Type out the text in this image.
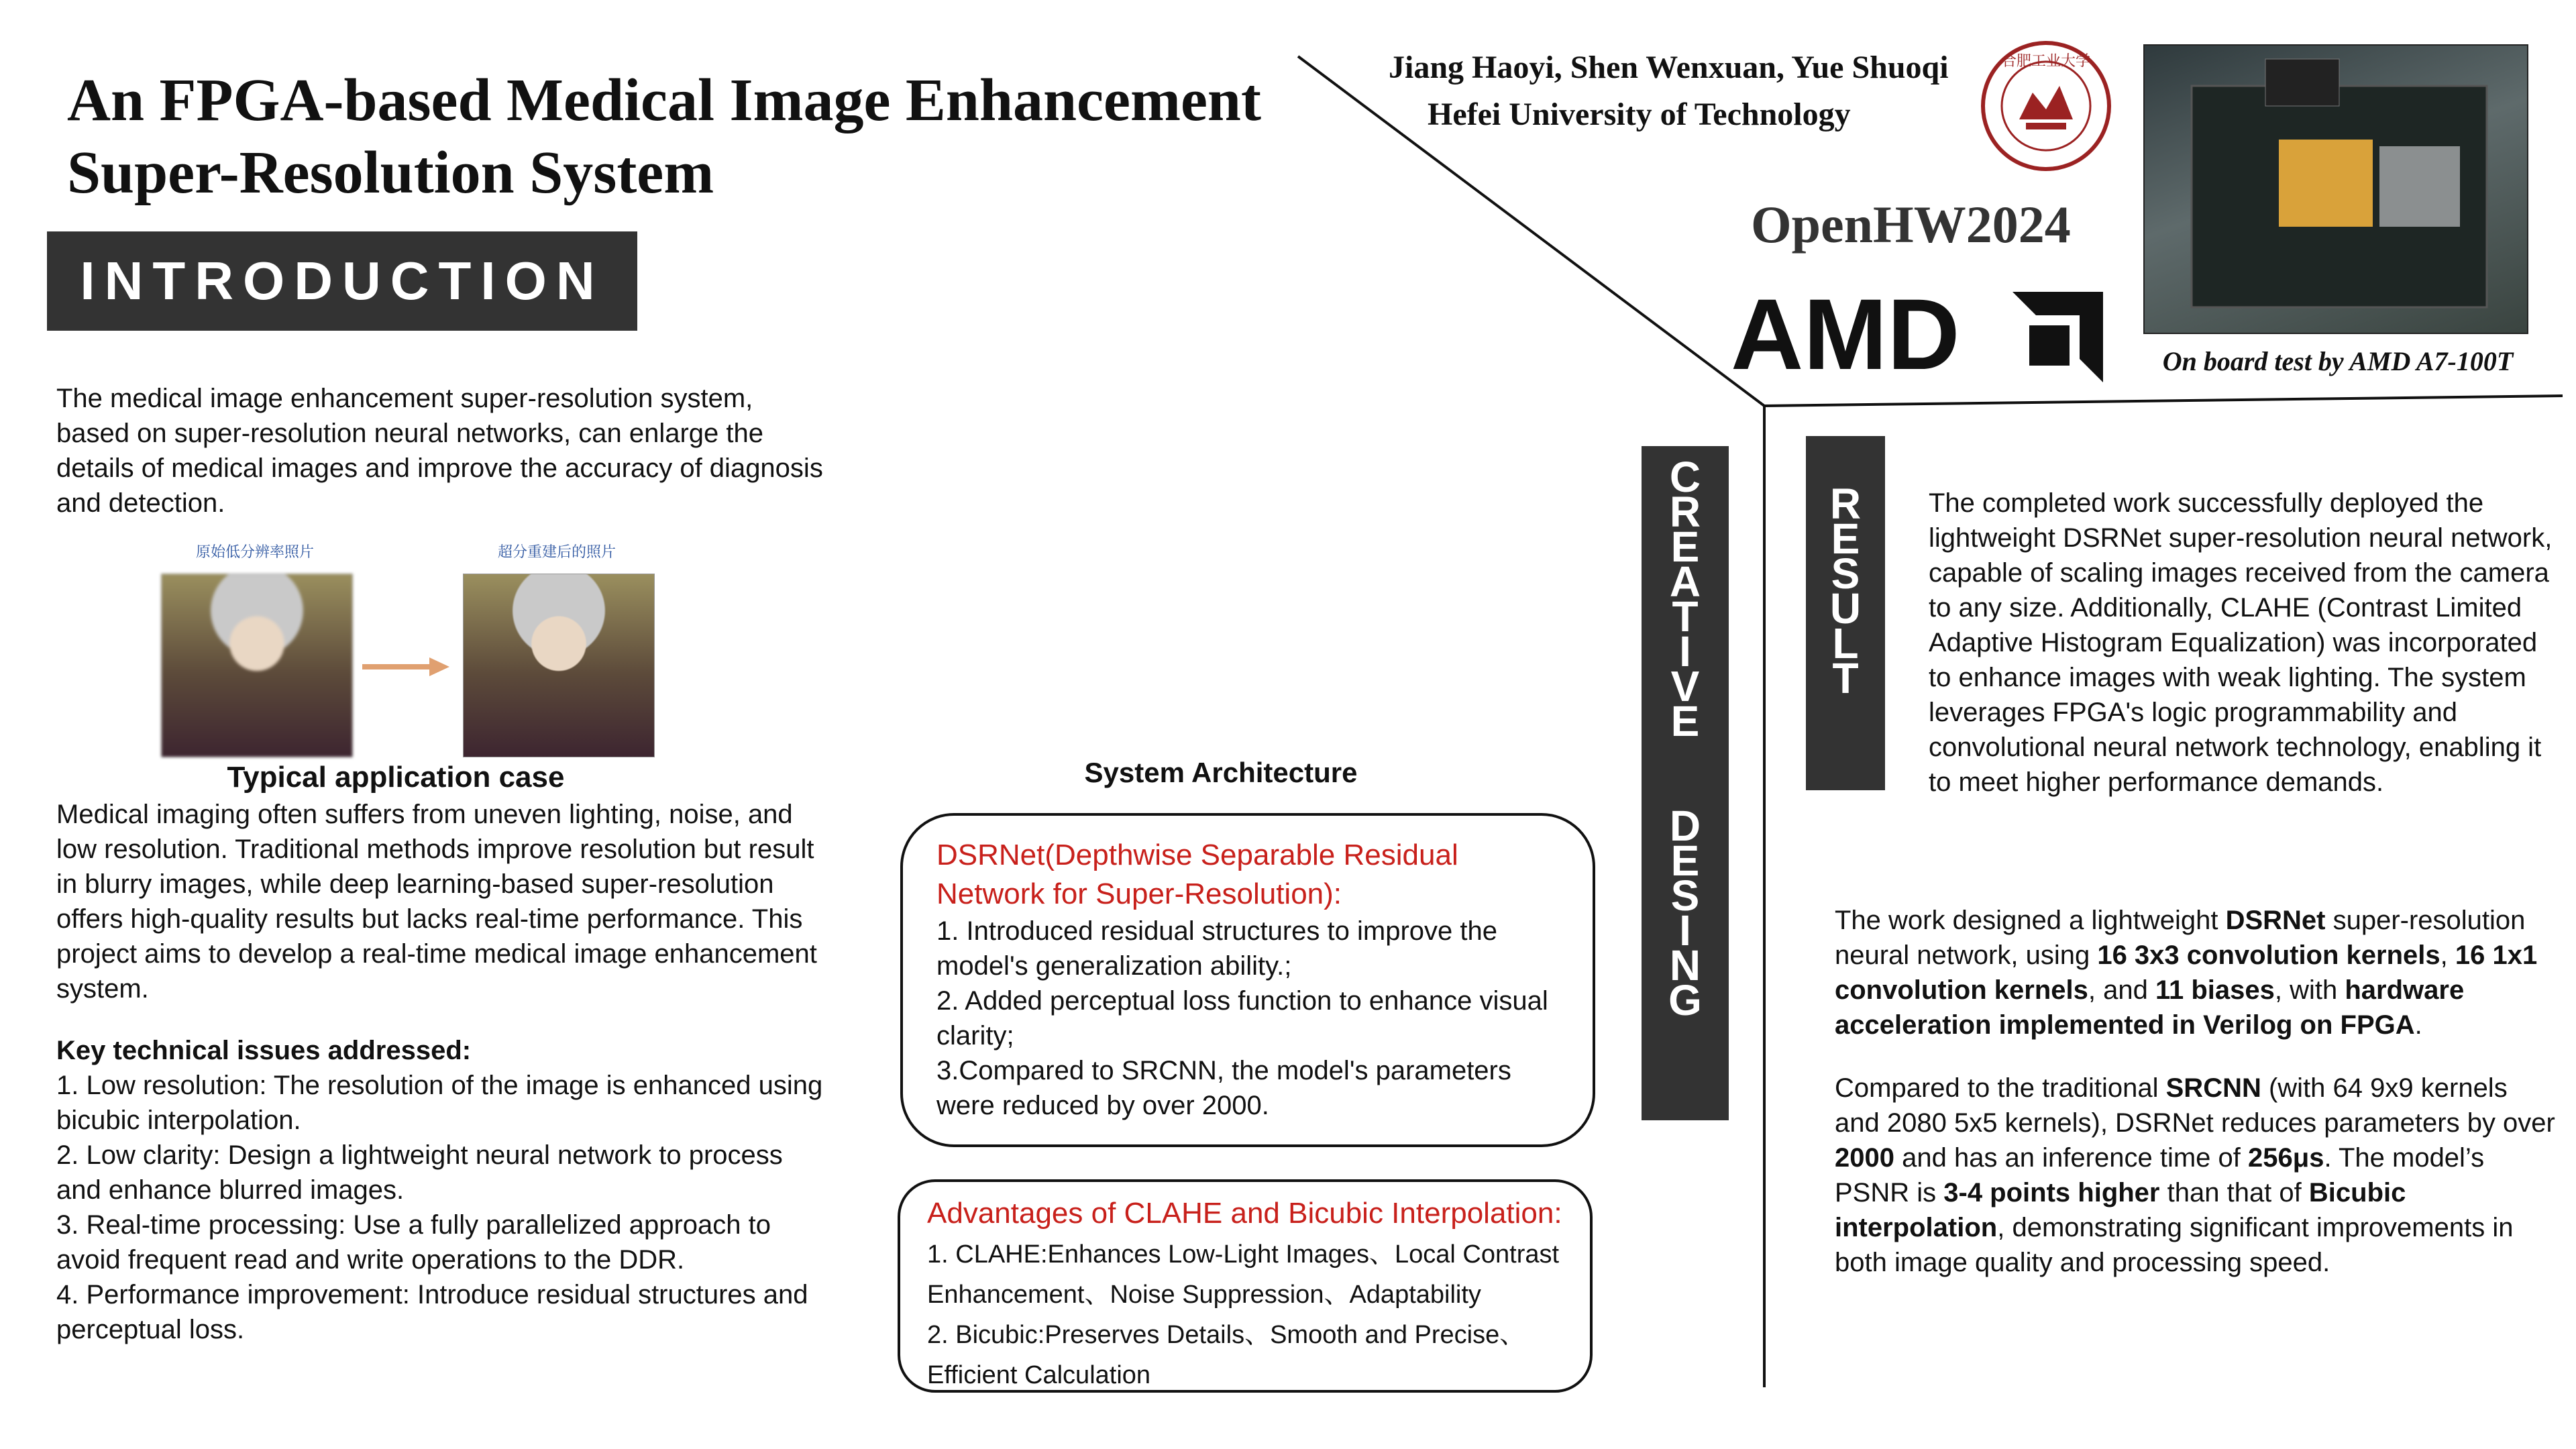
An FPGA-based Medical Image Enhancement
Super-Resolution System
Jiang Haoyi, Shen Wenxuan, Yue Shuoqi
Hefei University of Technology
合肥工业大学
OpenHW2024
AMD	On board test by AMD A7-100T
INTRODUCTION
The medical image enhancement super-resolution system, based on super-resolution neural networks, can enlarge the details of medical images and improve the accuracy of diagnosis and detection.
原始低分辨率照片	超分重建后的照片
Typical application case
Medical imaging often suffers from uneven lighting, noise, and low resolution. Traditional methods improve resolution but result in blurry images, while deep learning-based super-resolution offers high-quality results but lacks real-time performance. This project aims to develop a real-time medical image enhancement system.
Key technical issues addressed:
1. Low resolution: The resolution of the image is enhanced using bicubic interpolation.
2. Low clarity: Design a lightweight neural network to process and enhance blurred images.
3. Real-time processing: Use a fully parallelized approach to avoid frequent read and write operations to the DDR.
4. Performance improvement: Introduce residual structures and perceptual loss.
System Architecture
DSRNet(Depthwise Separable Residual Network for Super-Resolution):
1. Introduced residual structures to improve the model's generalization ability.;
2. Added perceptual loss function to enhance visual clarity;
3.Compared to SRCNN, the model's parameters were reduced by over 2000.
Advantages of CLAHE and Bicubic Interpolation:
1. CLAHE:Enhances Low-Light Images、Local Contrast Enhancement、Noise Suppression、Adaptability
2. Bicubic:Preserves Details、Smooth and Precise、Efficient Calculation
C
R
E
A
T
I
V
E
D
E
S
I
N
G
R
E
S
U
L
T
The completed work successfully deployed the lightweight DSRNet super-resolution neural network, capable of scaling images received from the camera to any size. Additionally, CLAHE (Contrast Limited Adaptive Histogram Equalization) was incorporated to enhance images with weak lighting. The system leverages FPGA's logic programmability and convolutional neural network technology, enabling it to meet higher performance demands.
The work designed a lightweight DSRNet super-resolution neural network, using 16 3x3 convolution kernels, 16 1x1 convolution kernels, and 11 biases, with hardware acceleration implemented in Verilog on FPGA.
Compared to the traditional SRCNN (with 64 9x9 kernels and 2080 5x5 kernels), DSRNet reduces parameters by over 2000 and has an inference time of 256μs. The model’s PSNR is 3-4 points higher than that of Bicubic interpolation, demonstrating significant improvements in both image quality and processing speed.
